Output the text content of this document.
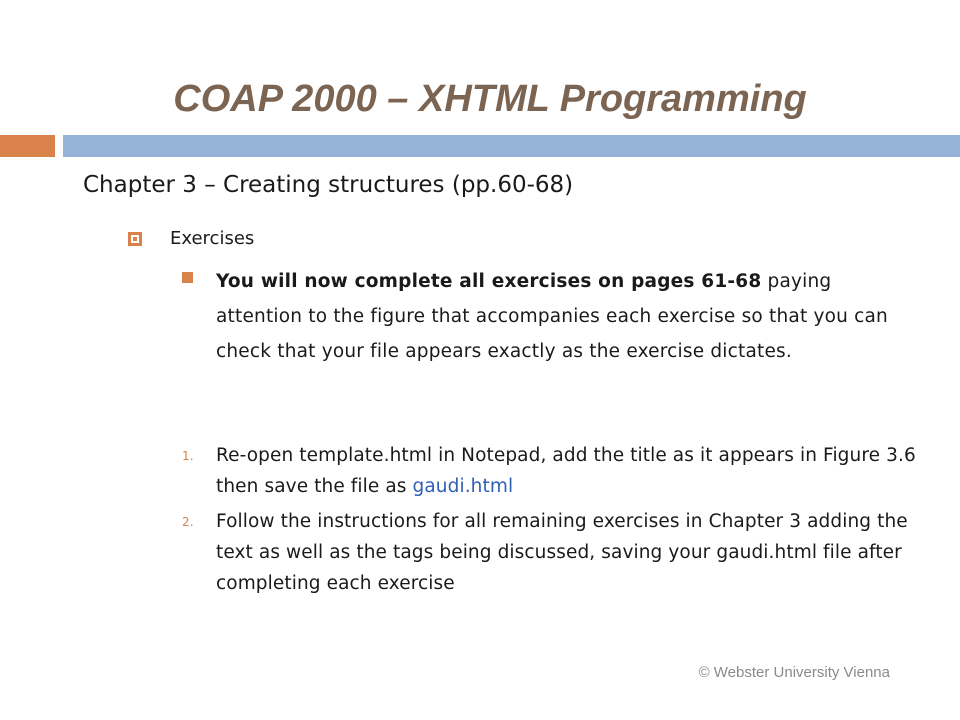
COAP 2000 – XHTML Programming
Chapter 3 – Creating structures (pp.60-68)
Exercises
You will now complete all exercises on pages 61-68 paying attention to the figure that accompanies each exercise so that you can check that your file appears exactly as the exercise dictates.
1. Re-open template.html in Notepad, add the title as it appears in Figure 3.6 then save the file as gaudi.html
2. Follow the instructions for all remaining exercises in Chapter 3 adding the text as well as the tags being discussed, saving your gaudi.html file after completing each exercise
© Webster University Vienna
